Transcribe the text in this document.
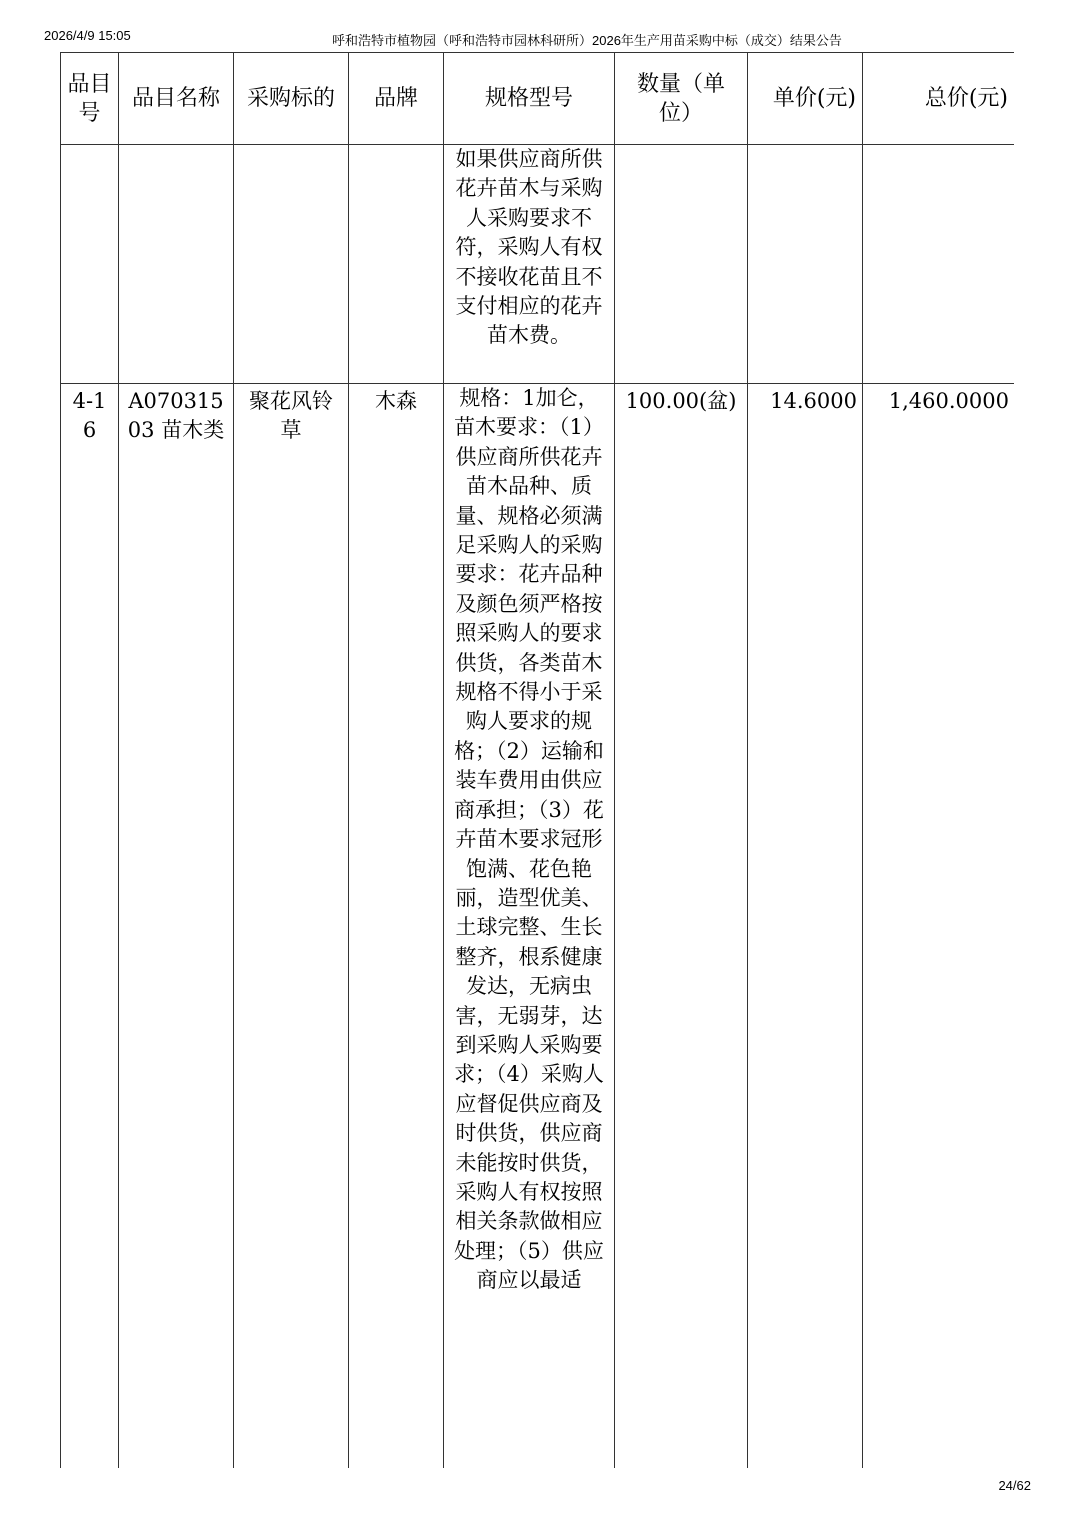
2026/4/9 15:05	呼和浩特市植物园（呼和浩特市园林科研所）2026年生产用苗采购中标（成交）结果公告
品目号	品目名称	采购标的	品牌	规格型号	数量（单位）	单价(元)	总价(元)
				如果供应商所供花卉苗木与采购人采购要求不符，采购人有权不接收花苗且不支付相应的花卉苗木费。			
4-16	A07031503 苗木类	聚花风铃草	木森	规格：1加仑，苗木要求：（1）供应商所供花卉苗木品种、质量、规格必须满足采购人的采购要求：花卉品种及颜色须严格按照采购人的要求供货，各类苗木规格不得小于采购人要求的规格；（2）运输和装车费用由供应商承担；（3）花卉苗木要求冠形饱满、花色艳丽，造型优美、土球完整、生长整齐，根系健康发达，无病虫害，无弱芽，达到采购人采购要求；（4）采购人应督促供应商及时供货，供应商未能按时供货，采购人有权按照相关条款做相应处理；（5）供应商应以最适	100.00(盆)	14.6000	1,460.0000
24/62
